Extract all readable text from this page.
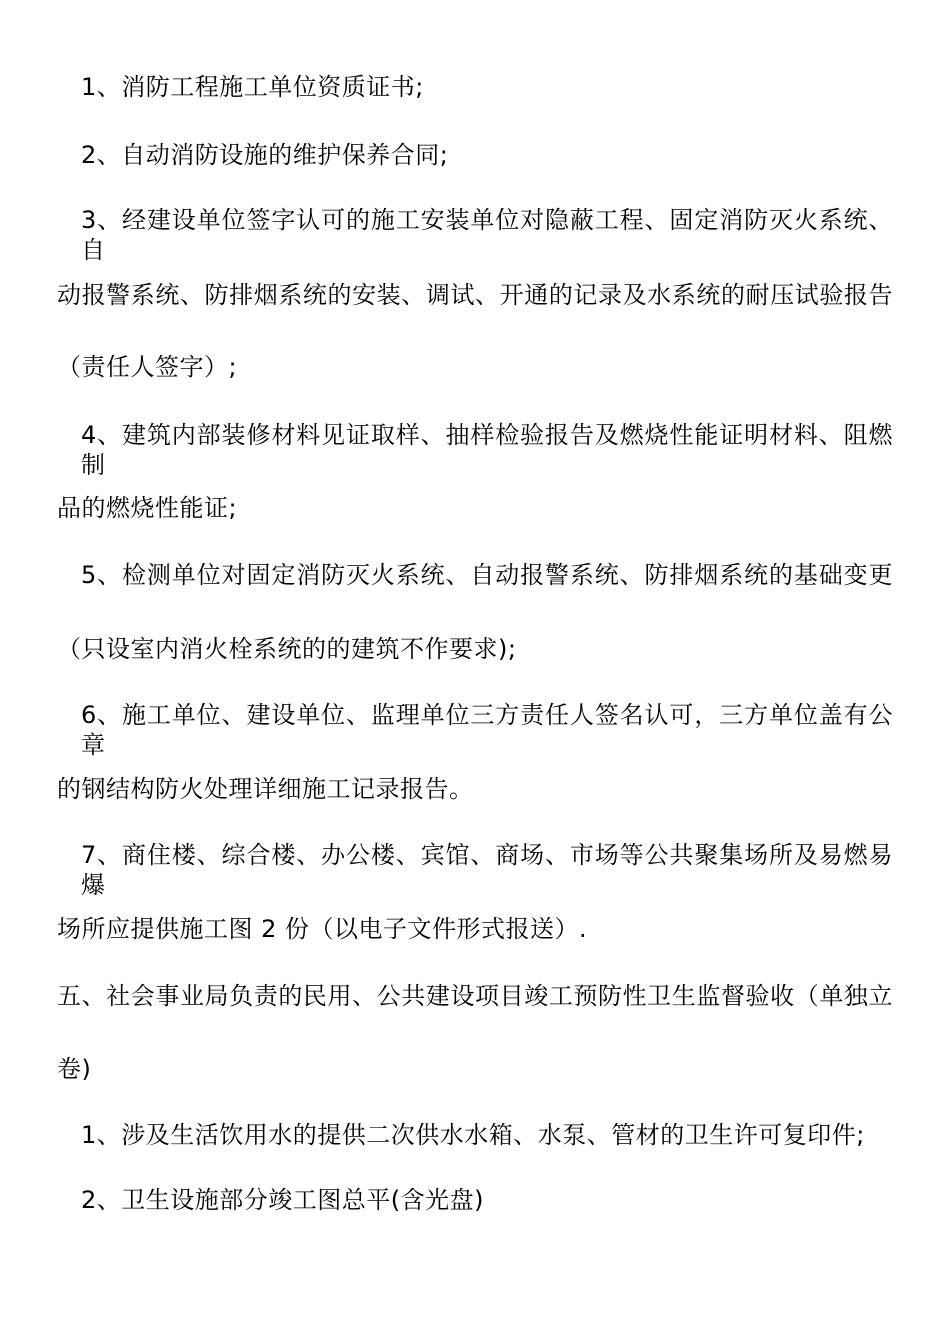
1、消防工程施工单位资质证书;
2、自动消防设施的维护保养合同;
3、经建设单位签字认可的施工安装单位对隐蔽工程、固定消防灭火系统、自
动报警系统、防排烟系统的安装、调试、开通的记录及水系统的耐压试验报告
（责任人签字）;
4、建筑内部装修材料见证取样、抽样检验报告及燃烧性能证明材料、阻燃制
品的燃烧性能证;
5、检测单位对固定消防灭火系统、自动报警系统、防排烟系统的基础变更
（只设室内消火栓系统的的建筑不作要求);
6、施工单位、建设单位、监理单位三方责任人签名认可，三方单位盖有公章
的钢结构防火处理详细施工记录报告。
7、商住楼、综合楼、办公楼、宾馆、商场、市场等公共聚集场所及易燃易爆
场所应提供施工图 2 份（以电子文件形式报送）.
五、社会事业局负责的民用、公共建设项目竣工预防性卫生监督验收（单独立
卷)
1、涉及生活饮用水的提供二次供水水箱、水泵、管材的卫生许可复印件;
2、卫生设施部分竣工图总平(含光盘)
